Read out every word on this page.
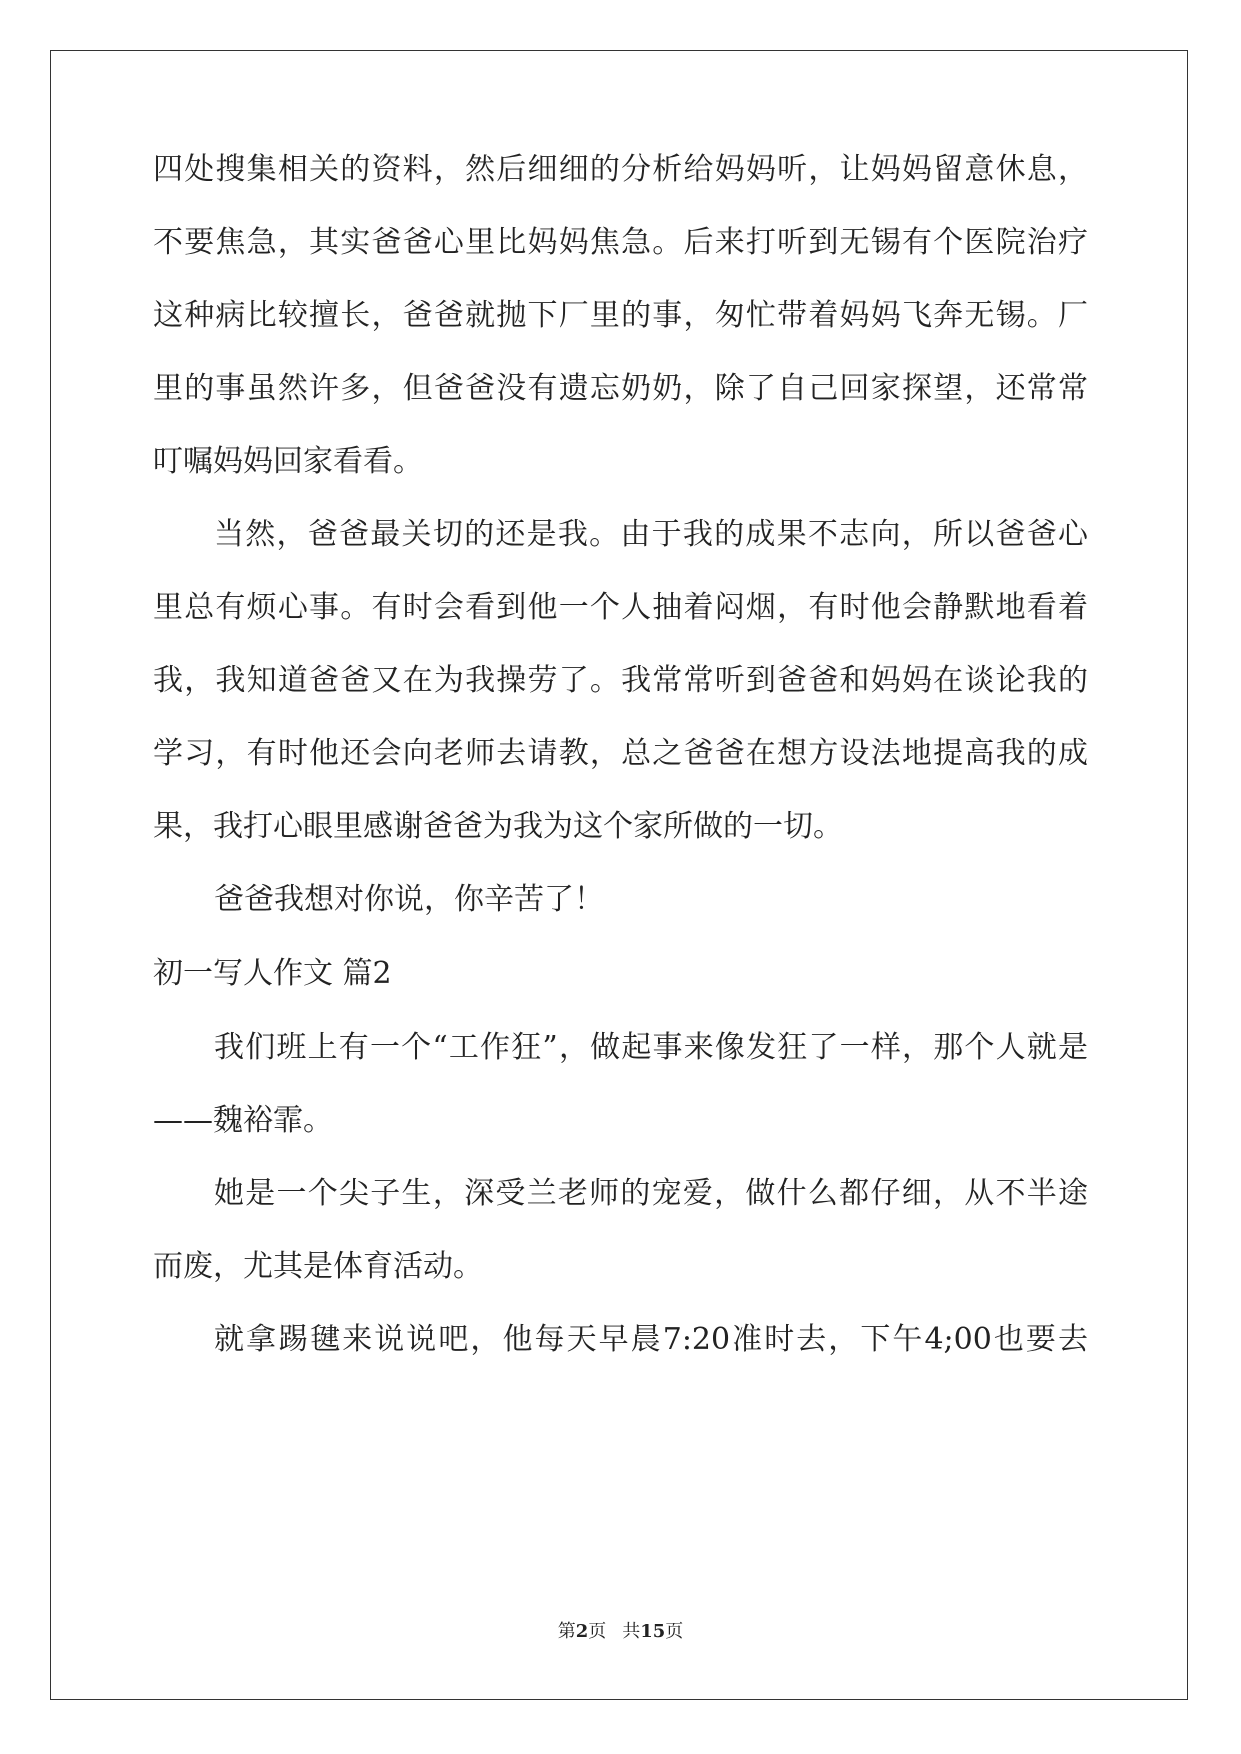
四处搜集相关的资料，然后细细的分析给妈妈听，让妈妈留意休息，
不要焦急，其实爸爸心里比妈妈焦急。后来打听到无锡有个医院治疗
这种病比较擅长，爸爸就抛下厂里的事，匆忙带着妈妈飞奔无锡。厂
里的事虽然许多，但爸爸没有遗忘奶奶，除了自己回家探望，还常常
叮嘱妈妈回家看看。
当然，爸爸最关切的还是我。由于我的成果不志向，所以爸爸心
里总有烦心事。有时会看到他一个人抽着闷烟，有时他会静默地看着
我，我知道爸爸又在为我操劳了。我常常听到爸爸和妈妈在谈论我的
学习，有时他还会向老师去请教，总之爸爸在想方设法地提高我的成
果，我打心眼里感谢爸爸为我为这个家所做的一切。
爸爸我想对你说，你辛苦了！
初一写人作文 篇2
我们班上有一个“工作狂”，做起事来像发狂了一样，那个人就是
——魏裕霏。
她是一个尖子生，深受兰老师的宠爱，做什么都仔细，从不半途
而废，尤其是体育活动。
就拿踢毽来说说吧，他每天早晨7:20准时去，下午4;00也要去
第2页 共15页
